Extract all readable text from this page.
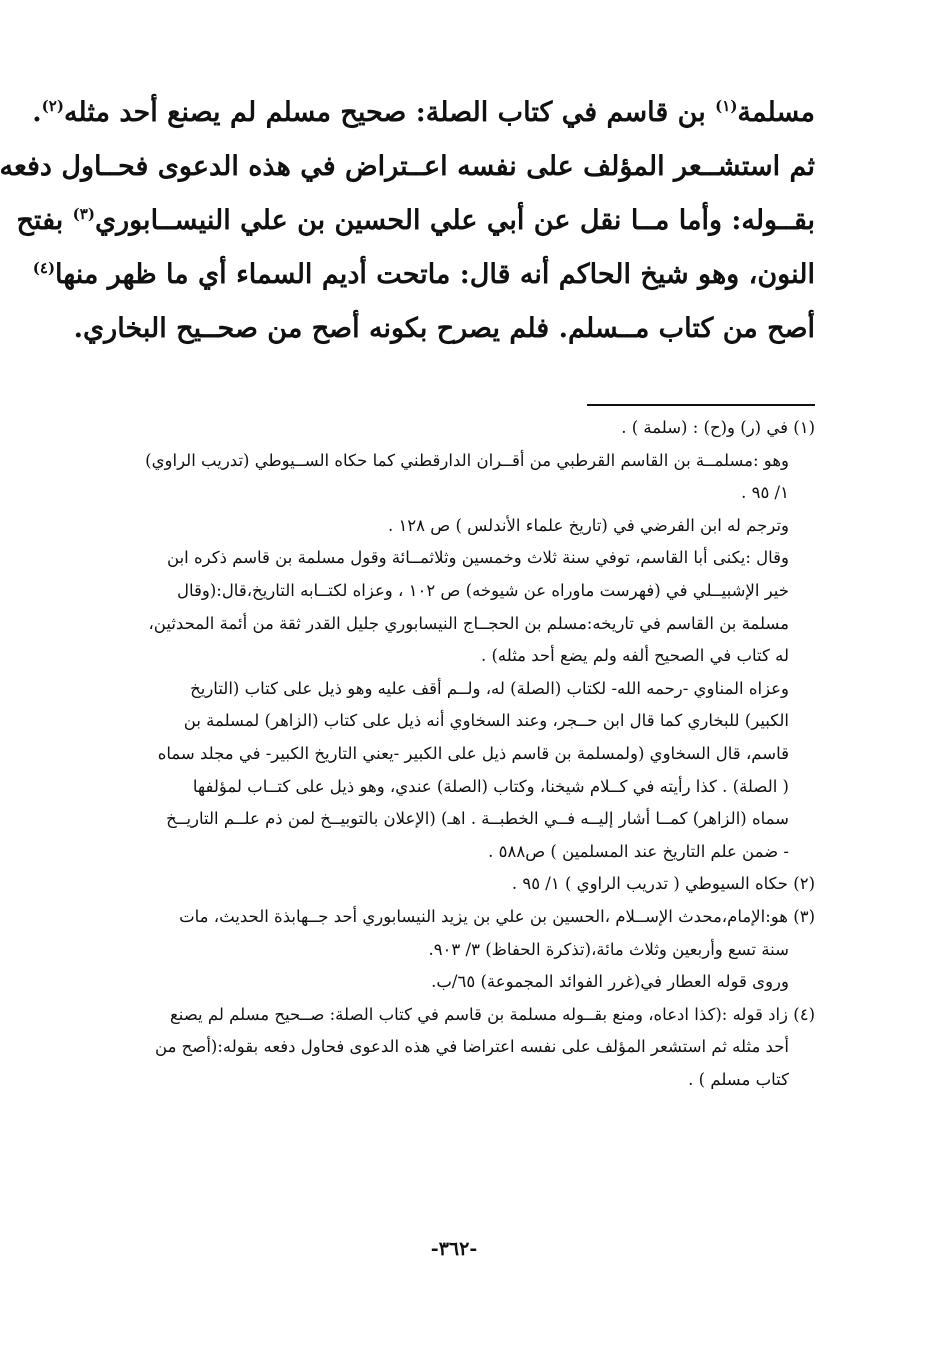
مسلمة$^{(١)}$ بن قاسم في كتاب الصلة: صحيح مسلم لم يصنع أحد مثله$^{(٢)}$.
ثم استشــعر المؤلف على نفسه اعــتراض في هذه الدعوى فحــاول دفعه
بقــوله: وأما مــا نقل عن أبي علي الحسين بن علي النيســابوري$^{(٣)}$ بفتح
النون، وهو شيخ الحاكم أنه قال: ماتحت أديم السماء أي ما ظهر منها$^{(٤)}$
أصح من كتاب مــسلم. فلم يصرح بكونه أصح من صحــيح البخاري.
(١) في (ر) و(ح) : (سلمة ) .
وهو :مسلمــة بن القاسم القرطبي من أقــران الدارقطني كما حكاه الســيوطي (تدريب الراوي)
١/ ٩٥ .
وترجم له ابن الفرضي في (تاريخ علماء الأندلس ) ص ١٢٨ .
وقال :يكنى أبا القاسم، توفي سنة ثلاث وخمسين وثلاثمــائة وقول مسلمة بن قاسم ذكره ابن
خير الإشبيــلي في (فهرست ماوراه عن شيوخه) ص ١٠٢ ، وعزاه لكتــابه التاريخ،قال:(وقال
مسلمة بن القاسم في تاريخه:مسلم بن الحجــاج النيسابوري جليل القدر ثقة من أئمة المحدثين،
له كتاب في الصحيح ألفه ولم يضع أحد مثله) .
وعزاه المناوي -رحمه الله- لكتاب (الصلة) له، ولــم أقف عليه وهو ذيل على كتاب (التاريخ
الكبير) للبخاري كما قال ابن حــجر، وعند السخاوي أنه ذيل على كتاب (الزاهر) لمسلمة بن
قاسم، قال السخاوي (ولمسلمة بن قاسم ذيل على الكبير -يعني التاريخ الكبير- في مجلد سماه
( الصلة) . كذا رأيته في كــلام شيخنا، وكتاب (الصلة) عندي، وهو ذيل على كتــاب لمؤلفها
سماه (الزاهر) كمــا أشار إليــه فــي الخطبــة . اهـ) (الإعلان بالتوبيــخ لمن ذم علــم التاريــخ
- ضمن علم التاريخ عند المسلمين ) ص٥٨٨ .
(٢) حكاه السيوطي ( تدريب الراوي ) ١/ ٩٥ .
(٣) هو:الإمام،محدث الإســلام ،الحسين بن علي بن يزيد النيسابوري أحد جــهابذة الحديث، مات
سنة تسع وأربعين وثلاث مائة،(تذكرة الحفاظ) ٣/ ٩٠٣.
وروى قوله العطار في(غرر الفوائد المجموعة) ٦٥/ب.
(٤) زاد قوله :(كذا ادعاه، ومنع بقــوله مسلمة بن قاسم في كتاب الصلة: صــحيح مسلم لم يصنع
أحد مثله ثم استشعر المؤلف على نفسه اعتراضا في هذه الدعوى فحاول دفعه بقوله:(أصح من
كتاب مسلم ) .
-٣٦٢-
